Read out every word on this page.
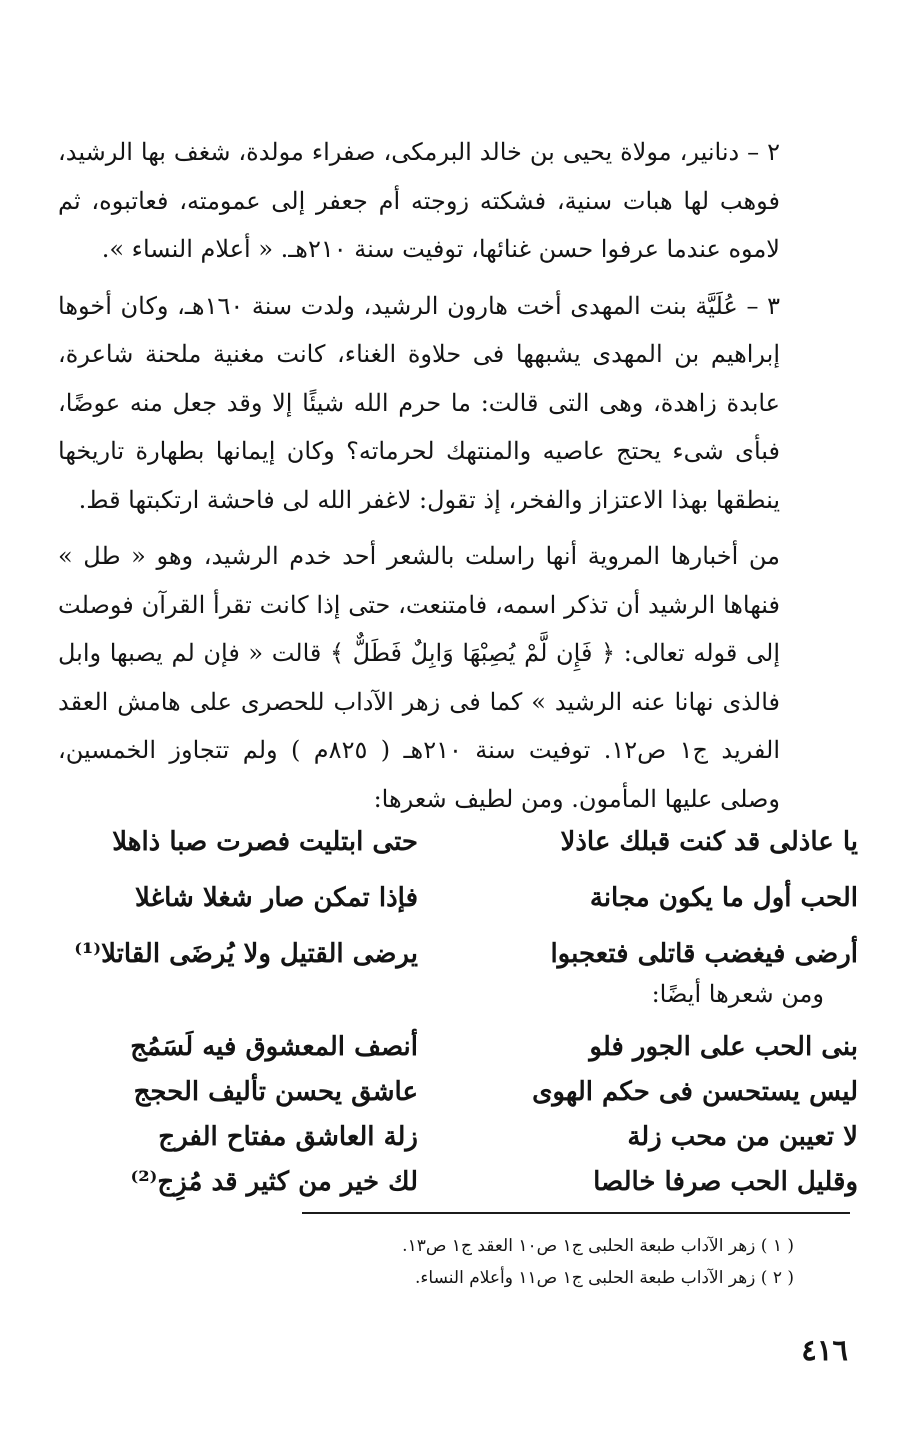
٢ – دنانير، مولاة يحيى بن خالد البرمكى، صفراء مولدة، شغف بها الرشيد، فوهب لها هبات سنية، فشكته زوجته أم جعفر إلى عمومته، فعاتبوه، ثم لاموه عندما عرفوا حسن غنائها، توفيت سنة ٢١٠هـ. « أعلام النساء ».

٣ – عُلَيَّة بنت المهدى أخت هارون الرشيد، ولدت سنة ١٦٠هـ، وكان أخوها إبراهيم بن المهدى يشبهها فى حلاوة الغناء، كانت مغنية ملحنة شاعرة، عابدة زاهدة، وهى التى قالت: ما حرم الله شيئًا إلا وقد جعل منه عوضًا، فبأى شىء يحتج عاصيه والمنتهك لحرماته؟ وكان إيمانها بطهارة تاريخها ينطقها بهذا الاعتزاز والفخر، إذ تقول: لاغفر الله لى فاحشة ارتكبتها قط.

من أخبارها المروية أنها راسلت بالشعر أحد خدم الرشيد، وهو « طل » فنهاها الرشيد أن تذكر اسمه، فامتنعت، حتى إذا كانت تقرأ القرآن فوصلت إلى قوله تعالى: ﴿ فَإِن لَّمْ يُصِبْهَا وَابِلٌ فَطَلٌّ ﴾ قالت « فإن لم يصبها وابل فالذى نهانا عنه الرشيد » كما فى زهر الآداب للحصرى على هامش العقد الفريد ج١ ص١٢. توفيت سنة ٢١٠هـ ( ٨٢٥م ) ولم تتجاوز الخمسين، وصلى عليها المأمون. ومن لطيف شعرها:

يا عاذلى قد كنت قبلك عاذلا
حتى ابتليت فصرت صبا ذاهلا
الحب أول ما يكون مجانة
فإذا تمكن صار شغلا شاغلا
أرضى فيغضب قاتلى فتعجبوا
يرضى القتيل ولا يُرضَى القاتلا⁽¹⁾
ومن شعرها أيضًا:
بنى الحب على الجور فلو
أنصف المعشوق فيه لَسَمُج
ليس يستحسن فى حكم الهوى
عاشق يحسن تأليف الحجج
لا تعيبن من محب زلة
زلة العاشق مفتاح الفرج
وقليل الحب صرفا خالصا
لك خير من كثير قد مُزِج⁽²⁾
( ١ ) زهر الآداب طبعة الحلبى ج١ ص١٠ العقد ج١ ص١٣.
( ٢ ) زهر الآداب طبعة الحلبى ج١ ص١١ وأعلام النساء.
٤١٦
